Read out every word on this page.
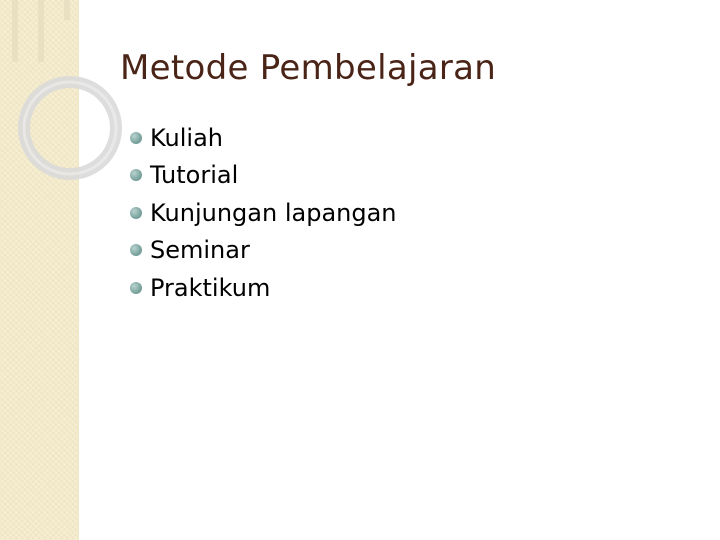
Metode Pembelajaran
Kuliah
Tutorial
Kunjungan lapangan
Seminar
Praktikum
